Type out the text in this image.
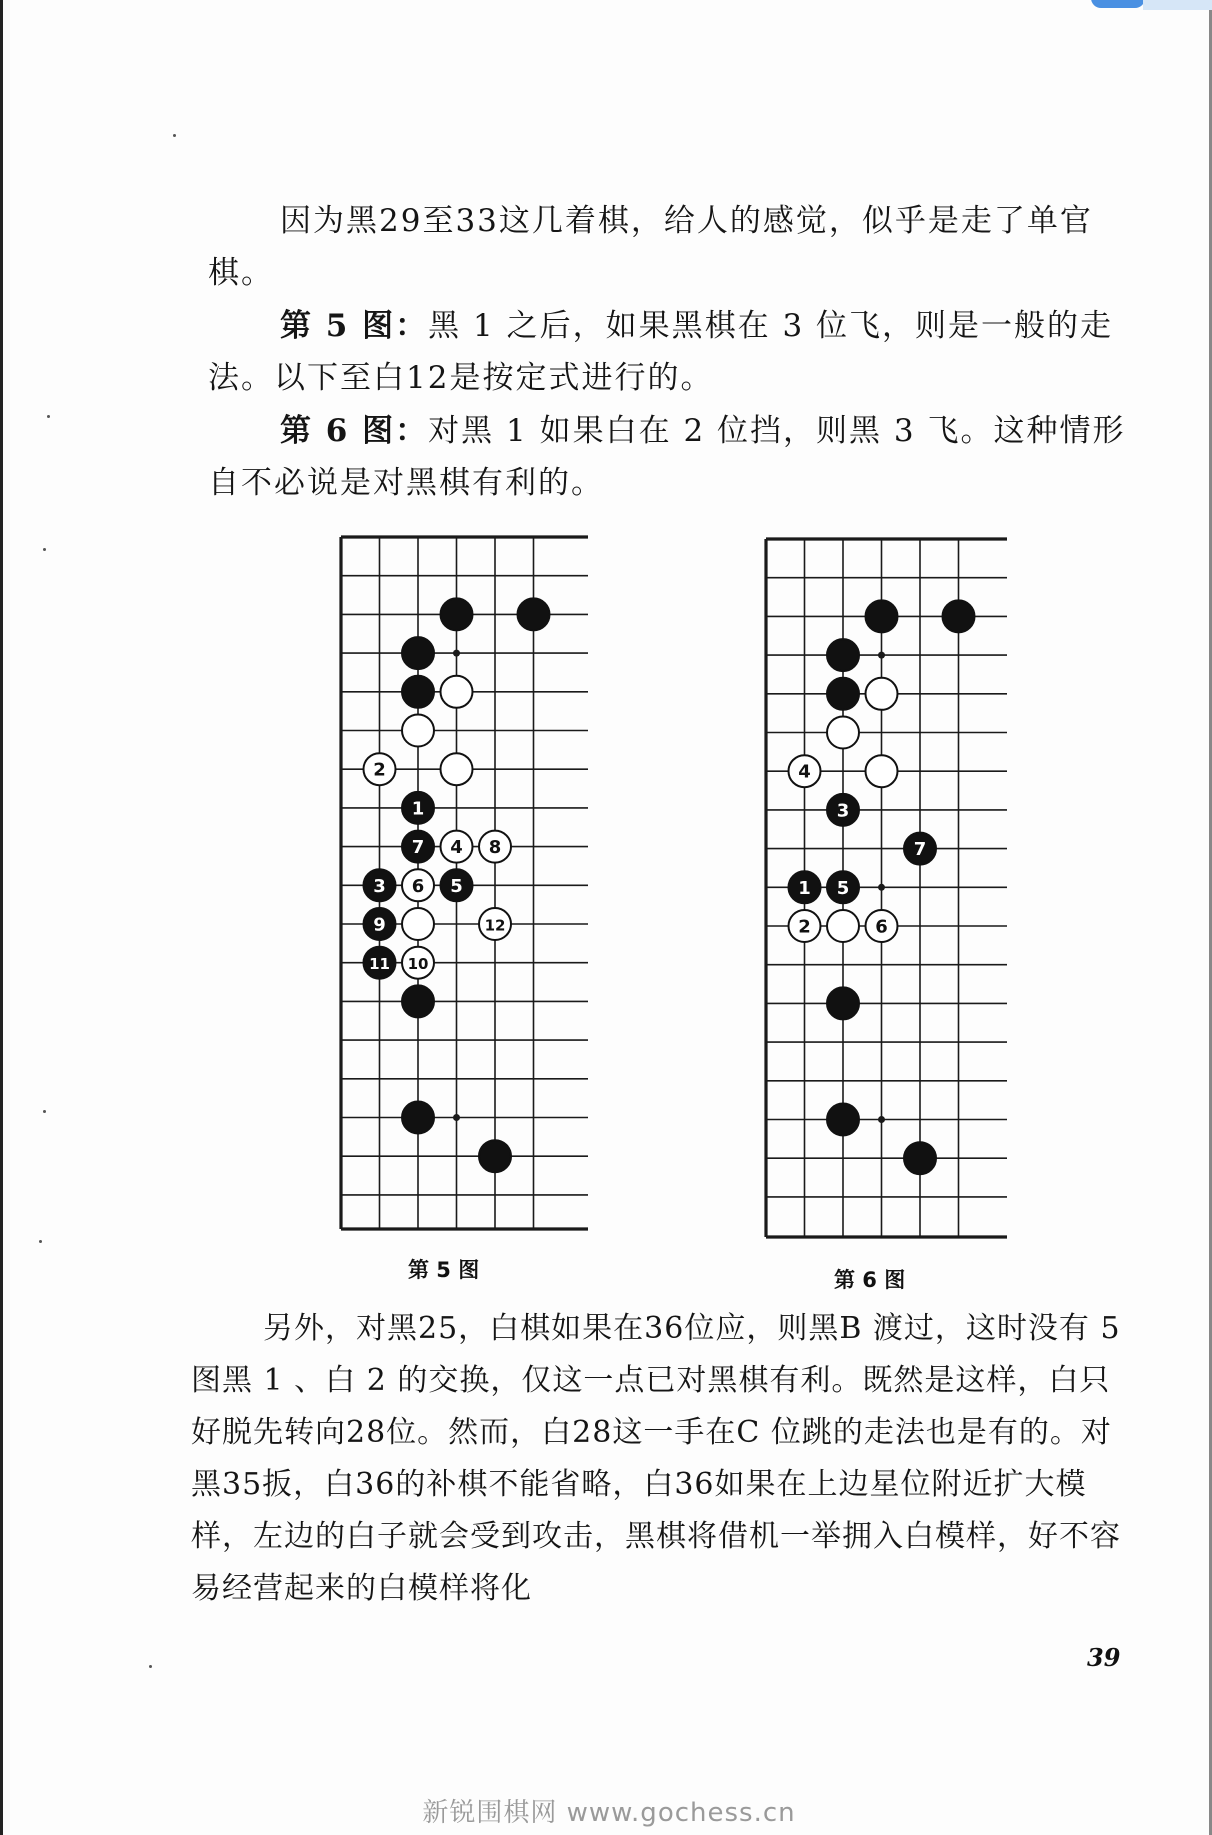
因为黑29至33这几着棋，给人的感觉，似乎是走了单官棋。

第 5 图：黑 1 之后，如果黑棋在 3 位飞，则是一般的走法。以下至白12是按定式进行的。

第 6 图：对黑 1 如果白在 2 位挡，则黑 3 飞。这种情形自不必说是对黑棋有利的。

2
1
7 4 8
3 6 5
9	12
11 10
4
3
7
1 5
2	6
第 5 图	第 6 图

另外，对黑25，白棋如果在36位应，则黑B 渡过，这时没有 5 图黑 1 、白 2 的交换，仅这一点已对黑棋有利。既然是这样，白只好脱先转向28位。然而，白28这一手在C 位跳的走法也是有的。对黑35扳，白36的补棋不能省略，白36如果在上边星位附近扩大模样，左边的白子就会受到攻击，黑棋将借机一举拥入白模样，好不容易经营起来的白模样将化

39
新锐围棋网 www.gochess.cn
